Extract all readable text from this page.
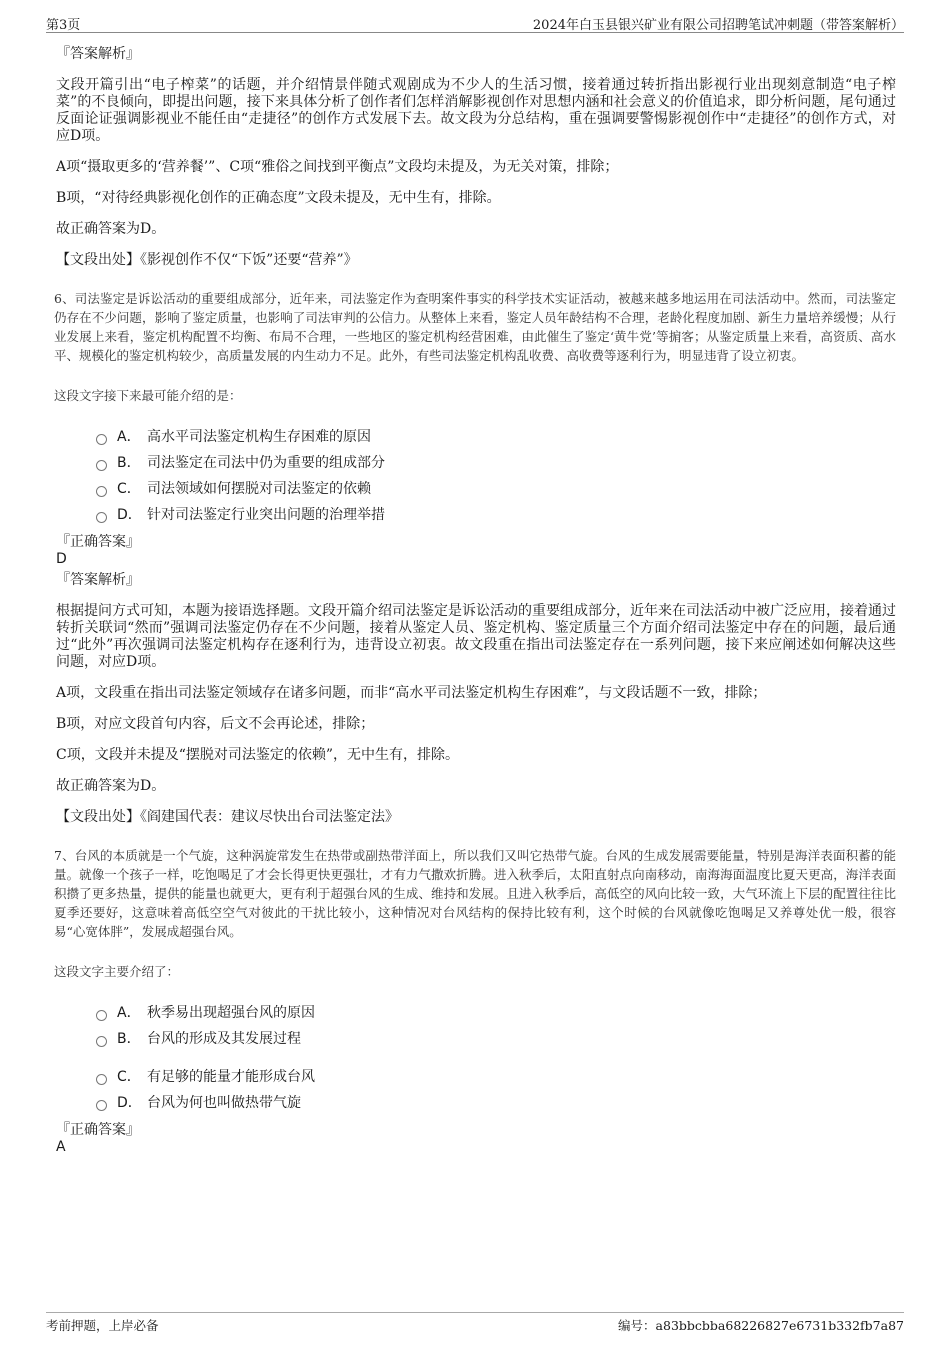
第3页	2024年白玉县银兴矿业有限公司招聘笔试冲刺题（带答案解析）

『答案解析』

文段开篇引出“电子榨菜”的话题，并介绍情景伴随式观剧成为不少人的生活习惯，接着通过转折指出影视行业出现刻意制造“电子榨菜”的不良倾向，即提出问题，接下来具体分析了创作者们怎样消解影视创作对思想内涵和社会意义的价值追求，即分析问题，尾句通过反面论证强调影视业不能任由“走捷径”的创作方式发展下去。故文段为分总结构，重在强调要警惕影视创作中“走捷径”的创作方式，对应D项。

A项“摄取更多的‘营养餐’”、C项“雅俗之间找到平衡点”文段均未提及，为无关对策，排除；

B项，“对待经典影视化创作的正确态度”文段未提及，无中生有，排除。

故正确答案为D。

【文段出处】《影视创作不仅“下饭”还要“营养”》

6、司法鉴定是诉讼活动的重要组成部分，近年来，司法鉴定作为查明案件事实的科学技术实证活动，被越来越多地运用在司法活动中。然而，司法鉴定仍存在不少问题，影响了鉴定质量，也影响了司法审判的公信力。从整体上来看，鉴定人员年龄结构不合理，老龄化程度加剧、新生力量培养缓慢；从行业发展上来看，鉴定机构配置不均衡、布局不合理，一些地区的鉴定机构经营困难，由此催生了鉴定‘黄牛党’等掮客；从鉴定质量上来看，高资质、高水平、规模化的鉴定机构较少，高质量发展的内生动力不足。此外，有些司法鉴定机构乱收费、高收费等逐利行为，明显违背了设立初衷。

这段文字接下来最可能介绍的是：

A． 高水平司法鉴定机构生存困难的原因
B． 司法鉴定在司法中仍为重要的组成部分
C． 司法领域如何摆脱对司法鉴定的依赖
D． 针对司法鉴定行业突出问题的治理举措

『正确答案』

D

『答案解析』

根据提问方式可知，本题为接语选择题。文段开篇介绍司法鉴定是诉讼活动的重要组成部分，近年来在司法活动中被广泛应用，接着通过转折关联词“然而”强调司法鉴定仍存在不少问题，接着从鉴定人员、鉴定机构、鉴定质量三个方面介绍司法鉴定中存在的问题，最后通过“此外”再次强调司法鉴定机构存在逐利行为，违背设立初衷。故文段重在指出司法鉴定存在一系列问题，接下来应阐述如何解决这些问题，对应D项。

A项，文段重在指出司法鉴定领域存在诸多问题，而非“高水平司法鉴定机构生存困难”，与文段话题不一致，排除；

B项，对应文段首句内容，后文不会再论述，排除；

C项，文段并未提及“摆脱对司法鉴定的依赖”，无中生有，排除。

故正确答案为D。

【文段出处】《阎建国代表：建议尽快出台司法鉴定法》

7、台风的本质就是一个气旋，这种涡旋常发生在热带或副热带洋面上，所以我们又叫它热带气旋。台风的生成发展需要能量，特别是海洋表面积蓄的能量。就像一个孩子一样，吃饱喝足了才会长得更快更强壮，才有力气撒欢折腾。进入秋季后，太阳直射点向南移动，南海海面温度比夏天更高，海洋表面积攒了更多热量，提供的能量也就更大，更有利于超强台风的生成、维持和发展。且进入秋季后，高低空的风向比较一致，大气环流上下层的配置往往比夏季还要好，这意味着高低空空气对彼此的干扰比较小，这种情况对台风结构的保持比较有利，这个时候的台风就像吃饱喝足又养尊处优一般，很容易“心宽体胖”，发展成超强台风。

这段文字主要介绍了：

A． 秋季易出现超强台风的原因
B． 台风的形成及其发展过程
C． 有足够的能量才能形成台风
D． 台风为何也叫做热带气旋

『正确答案』

A

考前押题，上岸必备	编号：a83bbcbba68226827e6731b332fb7a87
